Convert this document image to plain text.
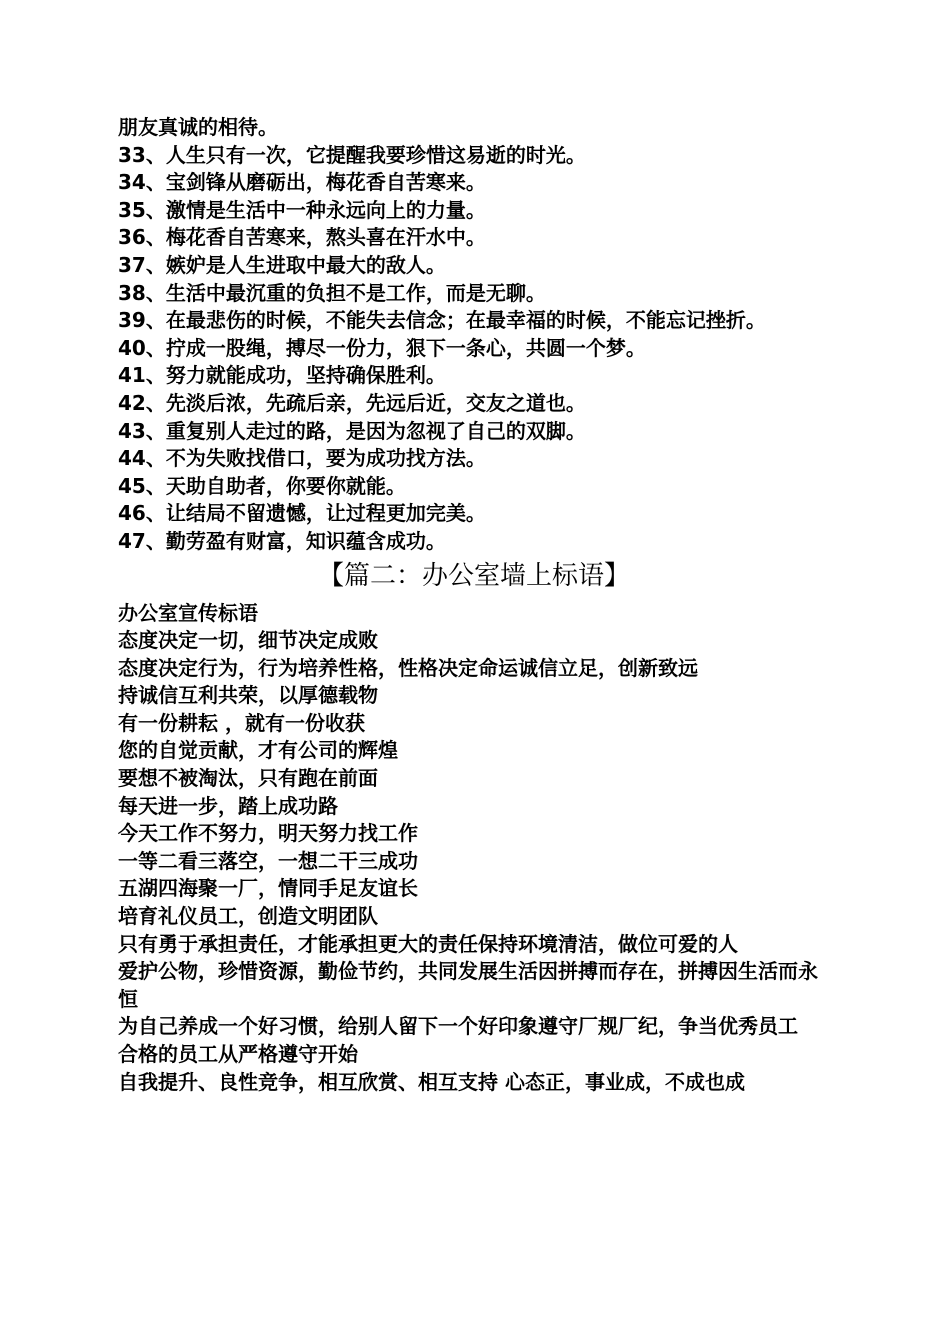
朋友真诚的相待。
33、人生只有一次，它提醒我要珍惜这易逝的时光。
34、宝剑锋从磨砺出，梅花香自苦寒来。
35、激情是生活中一种永远向上的力量。
36、梅花香自苦寒来，熬头喜在汗水中。
37、嫉妒是人生进取中最大的敌人。
38、生活中最沉重的负担不是工作，而是无聊。
39、在最悲伤的时候，不能失去信念；在最幸福的时候，不能忘记挫折。
40、拧成一股绳，搏尽一份力，狠下一条心，共圆一个梦。
41、努力就能成功，坚持确保胜利。
42、先淡后浓，先疏后亲，先远后近，交友之道也。
43、重复别人走过的路，是因为忽视了自己的双脚。
44、不为失败找借口，要为成功找方法。
45、天助自助者，你要你就能。
46、让结局不留遗憾，让过程更加完美。
47、勤劳盈有财富，知识蕴含成功。
【篇二：办公室墙上标语】
办公室宣传标语
态度决定一切，细节决定成败
态度决定行为，行为培养性格，性格决定命运诚信立足，创新致远
持诚信互利共荣，以厚德载物
有一份耕耘 ，就有一份收获
您的自觉贡献，才有公司的辉煌
要想不被淘汰，只有跑在前面
每天进一步，踏上成功路
今天工作不努力，明天努力找工作
一等二看三落空，一想二干三成功
五湖四海聚一厂，情同手足友谊长
培育礼仪员工，创造文明团队
只有勇于承担责任，才能承担更大的责任保持环境清洁，做位可爱的人
爱护公物，珍惜资源，勤俭节约，共同发展生活因拼搏而存在，拼搏因生活而永恒
为自己养成一个好习惯，给别人留下一个好印象遵守厂规厂纪，争当优秀员工
合格的员工从严格遵守开始
自我提升、良性竞争，相互欣赏、相互支持 心态正，事业成，不成也成
